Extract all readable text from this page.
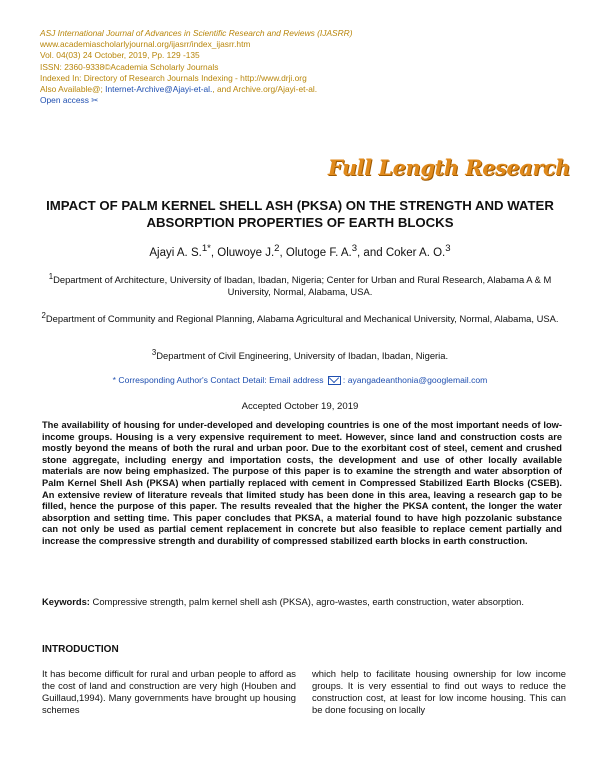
ASJ International Journal of Advances in Scientific Research and Reviews (IJASRR)
www.academiascholarlyjournal.org/ijasrr/index_ijasrr.htm
Vol. 04(03) 24 October, 2019, Pp. 129 -135
ISSN: 2360-9338©Academia Scholarly Journals
Indexed In: Directory of Research Journals Indexing - http://www.drji.org
Also Available@; Internet-Archive@Ajayi-et-al., and Archive.org/Ajayi-et-al.
Open access ✂
Full Length Research
IMPACT OF PALM KERNEL SHELL ASH (PKSA) ON THE STRENGTH AND WATER ABSORPTION PROPERTIES OF EARTH BLOCKS
Ajayi A. S.$^{1*}$, Oluwoye J.$^2$, Olutoge F. A.$^3$, and Coker A. O.$^3$
$^1$Department of Architecture, University of Ibadan, Ibadan, Nigeria; Center for Urban and Rural Research, Alabama A & M University, Normal, Alabama, USA.
$^2$Department of Community and Regional Planning, Alabama Agricultural and Mechanical University, Normal, Alabama, USA.
$^3$Department of Civil Engineering, University of Ibadan, Ibadan, Nigeria.
* Corresponding Author's Contact Detail: Email address : ayangadeanthonia@googlemail.com
Accepted October 19, 2019
The availability of housing for under-developed and developing countries is one of the most important needs of low-income groups. Housing is a very expensive requirement to meet. However, since land and construction costs are mostly beyond the means of both the rural and urban poor. Due to the exorbitant cost of steel, cement and crushed stone aggregate, including energy and importation costs, the development and use of other locally available materials are now being emphasized. The purpose of this paper is to examine the strength and water absorption of Palm Kernel Shell Ash (PKSA) when partially replaced with cement in Compressed Stabilized Earth Blocks (CSEB). An extensive review of literature reveals that limited study has been done in this area, leaving a research gap to be filled, hence the purpose of this paper. The results revealed that the higher the PKSA content, the longer the water absorption and setting time. This paper concludes that PKSA, a material found to have high pozzolanic substance can not only be used as partial cement replacement in concrete but also feasible to replace cement partially and increase the compressive strength and durability of compressed stabilized earth blocks in earth construction.
Keywords: Compressive strength, palm kernel shell ash (PKSA), agro-wastes, earth construction, water absorption.
INTRODUCTION
It has become difficult for rural and urban people to afford as the cost of land and construction are very high (Houben and Guillaud,1994). Many governments have brought up housing schemes
which help to facilitate housing ownership for low income groups. It is very essential to find out ways to reduce the construction cost, at least for low income housing. This can be done focusing on locally
